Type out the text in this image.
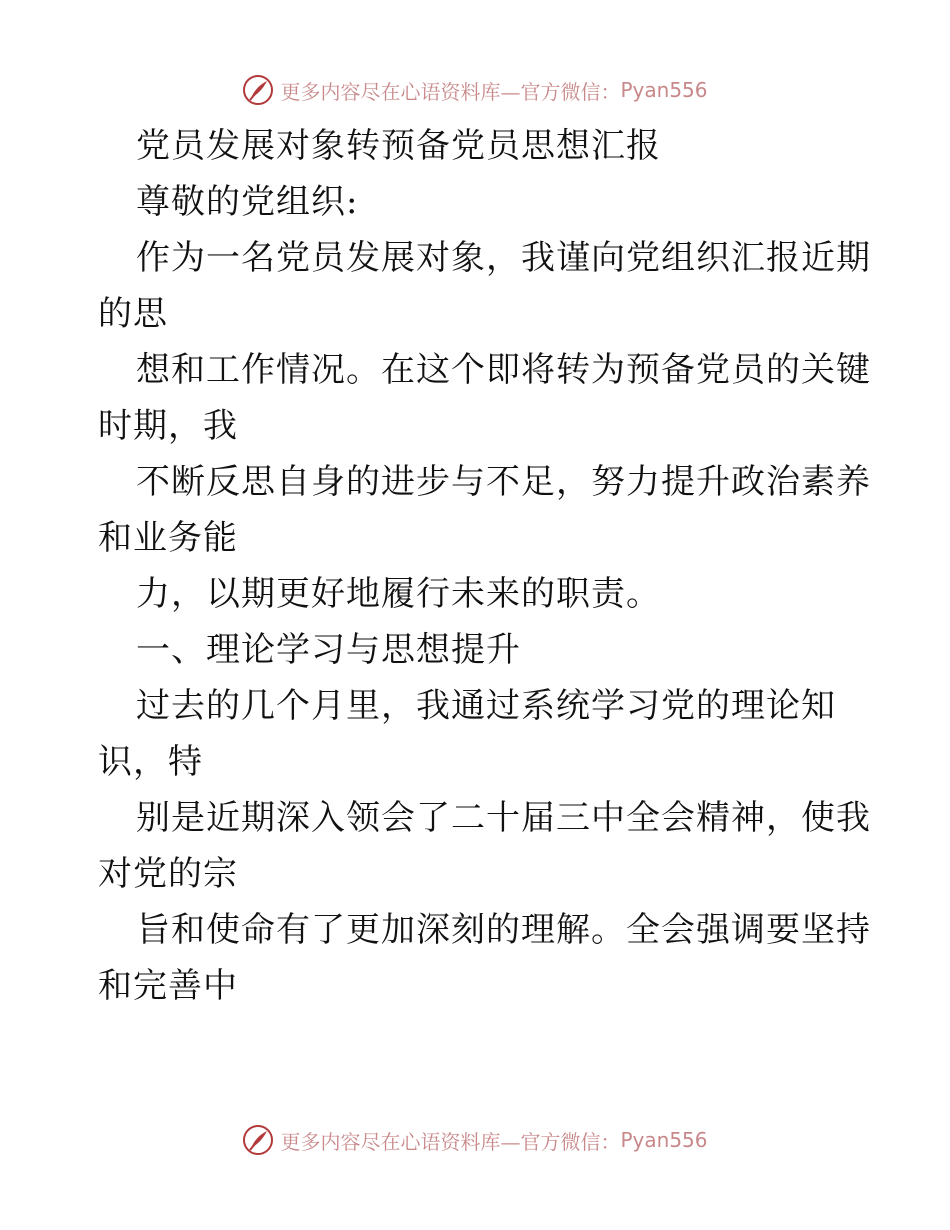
更多内容尽在心语资料库—官方微信： Pyan556
党员发展对象转预备党员思想汇报
尊敬的党组织:
作为一名党员发展对象，我谨向党组织汇报近期
的思
想和工作情况。在这个即将转为预备党员的关键
时期，我
不断反思自身的进步与不足，努力提升政治素养
和业务能
力，以期更好地履行未来的职责。
一、理论学习与思想提升
过去的几个月里，我通过系统学习党的理论知
识，特
别是近期深入领会了二十届三中全会精神，使我
对党的宗
旨和使命有了更加深刻的理解。全会强调要坚持
和完善中
更多内容尽在心语资料库—官方微信： Pyan556
